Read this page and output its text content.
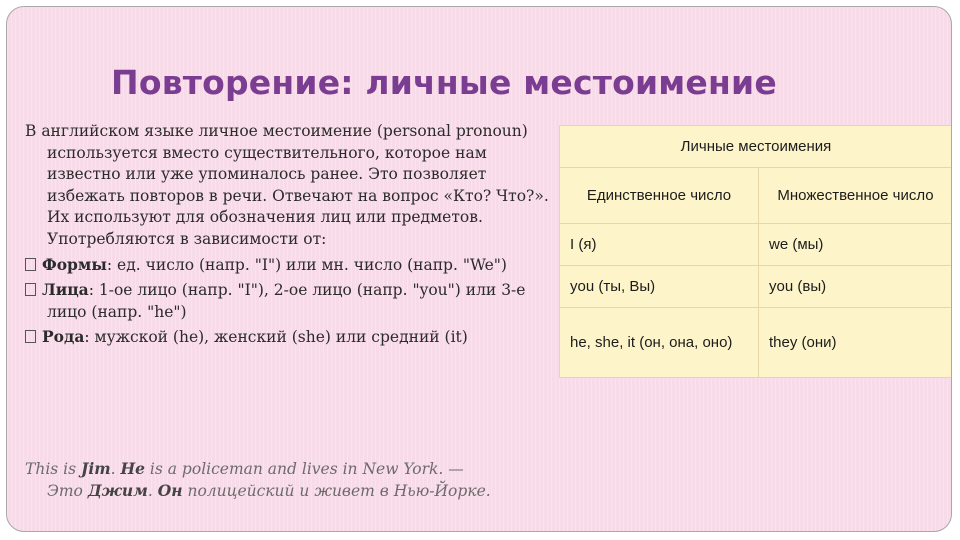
Повторение: личные местоимение

В английском языке личное местоимение (personal pronoun) используется вместо существительного, которое нам известно или уже упоминалось ранее. Это позволяет избежать повторов в речи. Отвечают на вопрос «Кто? Что?». Их используют для обозначения лиц или предметов. Употребляются в зависимости от:

Формы: ед. число (напр. "I") или мн. число (напр. "We")

Лица: 1-ое лицо (напр. "I"), 2-ое лицо (напр. "you") или 3-е лицо (напр. "he")

Рода: мужской (he), женский (she) или средний (it)

This is Jim. He is a policeman and lives in New York. —
Это Джим. Он полицейский и живет в Нью-Йорке.

Личные местоимения	
Единственное число	Множественное число
I (я)	we (мы)
you (ты, Вы)	you (вы)
he, she, it (он, она, оно)	they (они)
